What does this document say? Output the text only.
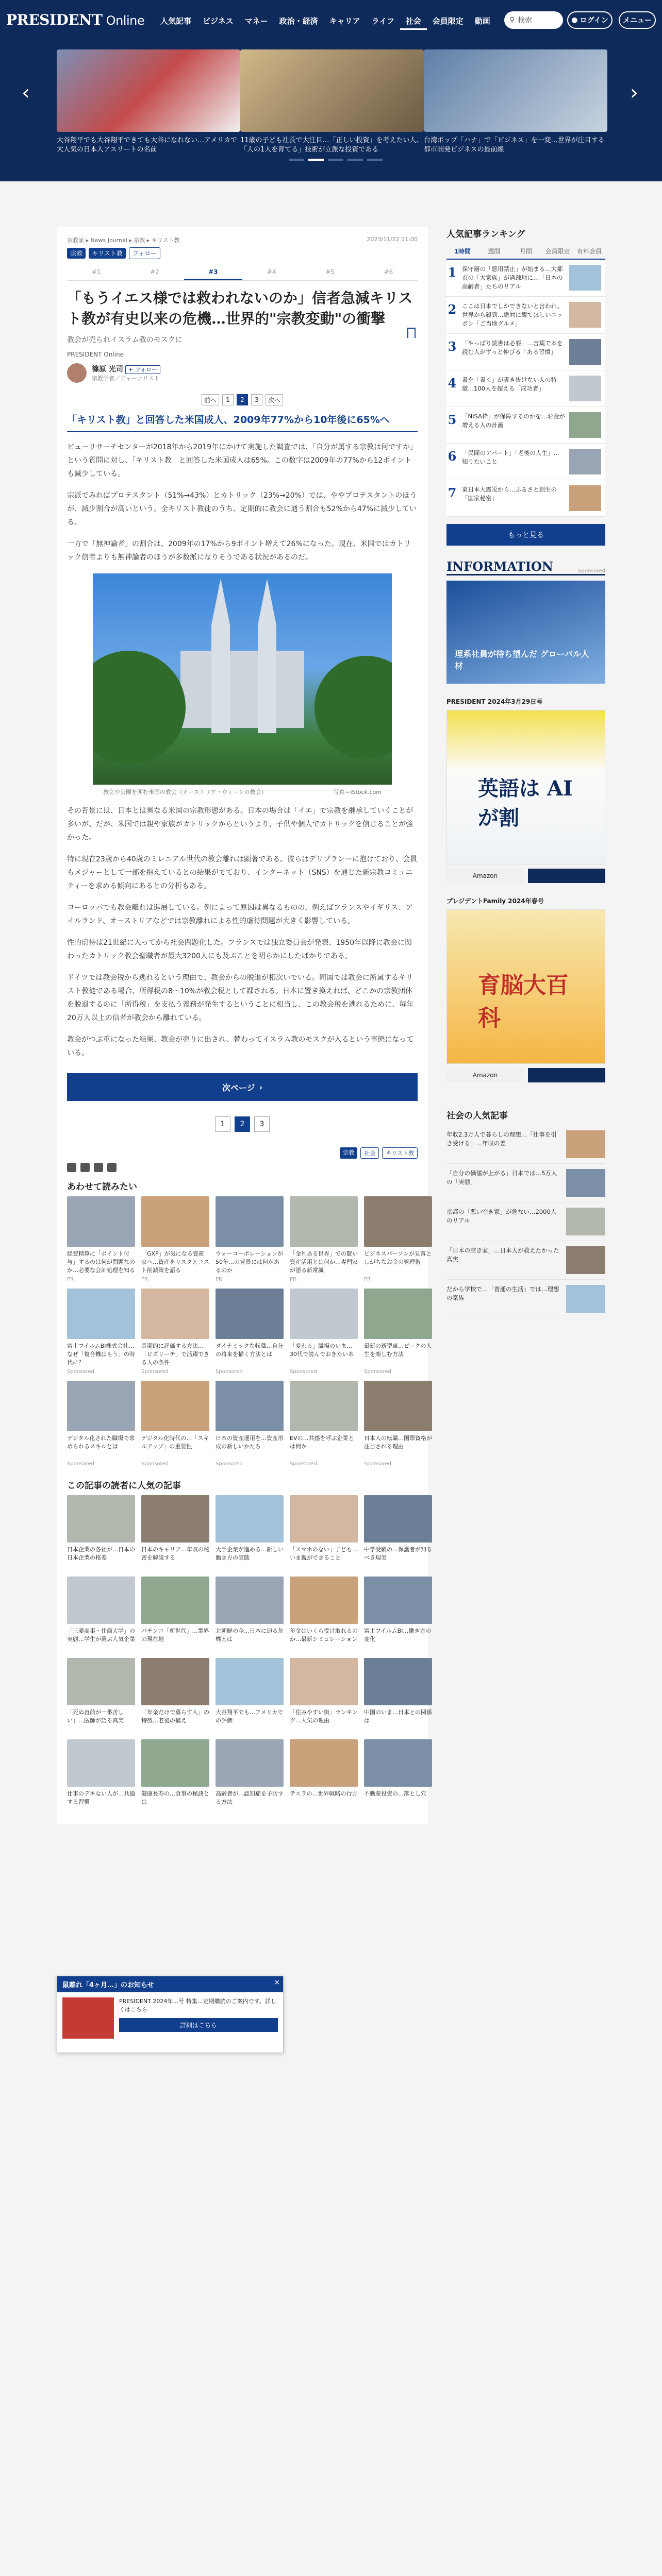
PRESIDENT Online	人気記事	ビジネス	マネー	政治・経済	キャリア	ライフ	社会	会員限定	動画	⚲ 検索	● ログイン メニュー
‹	›
大谷翔平でも大谷翔平できても大谷になれない…アメリカで大人気の日本人アスリートの名前
11歳の子ども社長で大注目…「正しい投資」を考えたい人、「人の1人を育てる」技術が立派な投資である
台湾ポップ「ハナ」で「ビジネス」を一変…世界が注目する都市開発ビジネスの最前線
宗教家 ▸ News Journal ▸ 宗教 ▸ キリスト教
宗教	キリスト教	フォロー
2023/11/22 11:00
#1	#2	#3	#4	#5	#6
「もうイエス様では救われないのか」信者急減キリスト教が有史以来の危機…世界的"宗教変動"の衝撃
教会が売られイスラム教のモスクに
PRESIDENT Online
篠原 光司 + フォロー
宗教学者／ジャーナリスト
前へ	1	2	3	次へ
「キリスト教」と回答した米国成人、2009年77%から10年後に65%へ

ピューリサーチセンターが2018年から2019年にかけて実施した調査では、「自分が属する宗教は何ですか」という質問に対し、「キリスト教」と回答した米国成人は65%。この数字は2009年の77%から12ポイントも減少している。

宗派でみればプロテスタント（51%→43%）とカトリック（23%→20%）では、ややプロテスタントのほうが、減少割合が高いという。全キリスト教徒のうち、定期的に教会に通う割合も52%から47%に減少している。

一方で「無神論者」の割合は、2009年の17%から9ポイント増えて26%になった。現在、米国ではカトリック信者よりも無神論者のほうが多数派になりそうである状況があるのだ。

教会や公園を囲む米国の教会（オーストリア・ウィーンの教会）	写真＝iStock.com

その背景には、日本とは異なる米国の宗教形態がある。日本の場合は「イエ」で宗教を継承していくことが多いが、だが、米国では親や家族がカトリックからというより、子供や個人でカトリックを信じることが強かった。

特に現在23歳から40歳のミレニアル世代の教会離れは顕著である。彼らはデリブランーに抱けており、会員もメジャーとして一部を抱えているとの結果がでており、インターネット（SNS）を通じた新宗教コミュニティーを求める傾向にあるとの分析もある。

ヨーロッパでも教会離れは進展している。例によって原因は異なるものの、例えばフランスやイギリス、アイルランド、オーストリアなどでは宗教離れによる性的虐待問題が大きく影響している。

性的虐待は21世紀に入ってから社会問題化した。フランスでは独立委員会が発表、1950年以降に教会に関わったカトリック教会聖職者が最大3200人にも及ぶことを明らかにしたばかりである。

ドイツでは教会税から逃れるという理由で、教会からの脱退が相次いでいる。同国では教会に所属するキリスト教徒である場合、所得税の8～10%が教会税として課される。日本に置き換えれば、どこかの宗教団体を脱退するのに「所得税」を支払う義務が発生するということに相当し、この教会税を逃れるために、毎年20万人以上の信者が教会から離れている。

教会がつぶ重になった結果、教会が売りに出され、替わってイスラム教のモスクが入るという事態になっている。

次ページ ›
1	2	3
宗教	社会	キリスト教
あわせて読みたい
経費精算に「ポイント付与」するのは何が問題なのか…必要な会計処理を知る
PR
「GXP」が気になる資産家へ…資産をリスクとコスト削減策を語る
PR
ウォーコーポレーションが50年…の背景には何があるのか
PR
「金利ある世界」での賢い資産活用とは何か…専門家が語る新常識
PR
ビジネスパーソンが見落としがちなお金の管理術
PR
富士フイルムBI株式会社…なぜ「複合機はもう」の時代に？
Sponsored
長期的に評価する方法…「ビズリーチ」で活躍できる人の条件
Sponsored
ダイナミックな転職…自分の将来を描く方法とは
Sponsored
「変わる」職場のいま…30代で読んでおきたい本
Sponsored
最新の新型車…ピークの人生を楽しむ方法
Sponsored
デジタル化された職場で求められるスキルとは
Sponsored
デジタル化時代の…「スキルアップ」の重要性
Sponsored
日本の資産運用を…資産形成の新しいかたち
Sponsored
EVの…共感を呼ぶ企業とは何か
Sponsored
日本人の転職…国際資格が注目される理由
Sponsored
この記事の読者に人気の記事
日本企業の各社が…日本の日本企業の格差
日本のキャリア…年収の秘密を解説する
大手企業が進める…新しい働き方の実態
「スマホのない」子ども…いま親ができること
中学受験の…保護者が知るべき現実
「三菱商事・住商大学」の実態…学生が選ぶ人気企業
パチンコ「新世代」…業界の現在地
北朝鮮の今…日本に迫る危機とは
年金はいくら受け取れるのか…最新シミュレーション
富士フイルムBI…働き方の変化
「死ぬ直前が一番苦しい」…医師が語る真実
「年金だけで暮らす人」の特徴…老後の備え
大谷翔平でも…アメリカでの評価
「住みやすい街」ランキング…人気の理由
中国のいま…日本との関係は
仕事のデキない人が…共通する習慣
健康長寿の…食事の秘訣とは
高齢者が…認知症を予防する方法
テスラの…世界戦略の行方 不動産投資の…落とし穴
鼠離れ「4ヶ月…」のお知らせ
PRESIDENT 2024年…号 特集…定期購読のご案内です。詳しくはこちら
詳細はこちら
×
人気記事ランキング
1時間	週間	月間	会員限定	有料会員
1 保守層の「悪用禁止」が始まる…大都市の「大家族」が過疎地に…「日本の高齢者」たちのリアル
2 ここは日本でしかできないと言われ、世界から殺到…絶対に観てほしいニッポン「ご当地グルメ」
3 「やっぱり読書は必要」…言葉で本を読む人がずっと伸びる「ある習慣」
4 書を「書く」が書き抜けない人の特徴…100人を超える「成功者」
5 「NISA枠」が保障するのかを…お金が増える人の計画
6 「民間のアパート」「老後の人生」…知りたいこと
7 東日本大震災から…ふるさと創生の「国家秘密」
もっと見る
INFORMATION	Sponsored
理系社員が待ち望んだ グローバル人材
PRESIDENT 2024年3月29日号
英語は AIが割
Amazon
プレジデントFamily 2024年春号
育脳大百科
Amazon
社会の人気記事
年収2.3万人で暮らしの理想…「仕事を引き受ける」…年収の差
「自分の価値が上がる」日本では…5万人の「実態」
京都の「悪い空き家」が危ない…2000人のリアル
「日本の空き家」…日本人が教えたかった真実
だから学校で…「普通の生活」では…理想の家族
